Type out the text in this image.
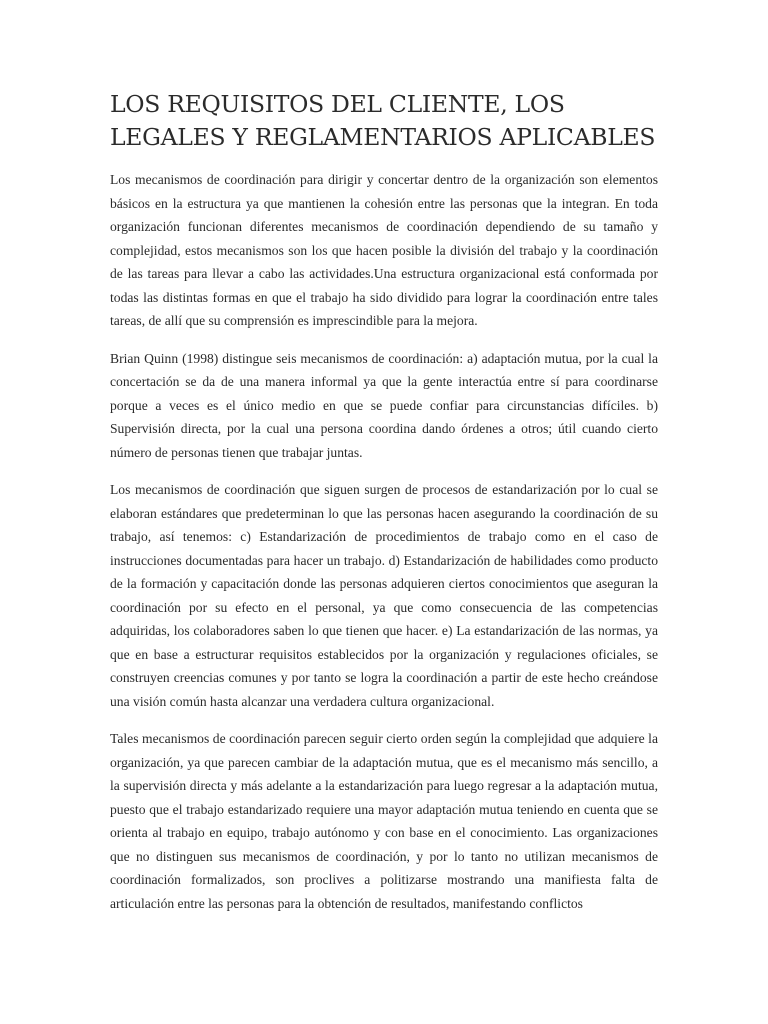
LOS REQUISITOS DEL CLIENTE, LOS LEGALES Y REGLAMENTARIOS APLICABLES

Los mecanismos de coordinación para dirigir y concertar dentro de la organización son elementos básicos en la estructura ya que mantienen la cohesión entre las personas que la integran. En toda organización funcionan diferentes mecanismos de coordinación dependiendo de su tamaño y complejidad, estos mecanismos son los que hacen posible la división del trabajo y la coordinación de las tareas para llevar a cabo las actividades.Una estructura organizacional está conformada por todas las distintas formas en que el trabajo ha sido dividido para lograr la coordinación entre tales tareas, de allí que su comprensión es imprescindible para la mejora.

Brian Quinn (1998) distingue seis mecanismos de coordinación: a) adaptación mutua, por la cual la concertación se da de una manera informal ya que la gente interactúa entre sí para coordinarse porque a veces es el único medio en que se puede confiar para circunstancias difíciles. b) Supervisión directa, por la cual una persona coordina dando órdenes a otros; útil cuando cierto número de personas tienen que trabajar juntas.

Los mecanismos de coordinación que siguen surgen de procesos de estandarización por lo cual se elaboran estándares que predeterminan lo que las personas hacen asegurando la coordinación de su trabajo, así tenemos: c) Estandarización de procedimientos de trabajo como en el caso de instrucciones documentadas para hacer un trabajo. d) Estandarización de habilidades como producto de la formación y capacitación donde las personas adquieren ciertos conocimientos que aseguran la coordinación por su efecto en el personal, ya que como consecuencia de las competencias adquiridas, los colaboradores saben lo que tienen que hacer. e) La estandarización de las normas, ya que en base a estructurar requisitos establecidos por la organización y regulaciones oficiales, se construyen creencias comunes y por tanto se logra la coordinación a partir de este hecho creándose una visión común hasta alcanzar una verdadera cultura organizacional.

Tales mecanismos de coordinación parecen seguir cierto orden según la complejidad que adquiere la organización, ya que parecen cambiar de la adaptación mutua, que es el mecanismo más sencillo, a la supervisión directa y más adelante a la estandarización para luego regresar a la adaptación mutua, puesto que el trabajo estandarizado requiere una mayor adaptación mutua teniendo en cuenta que se orienta al trabajo en equipo, trabajo autónomo y con base en el conocimiento. Las organizaciones que no distinguen sus mecanismos de coordinación, y por lo tanto no utilizan mecanismos de coordinación formalizados, son proclives a politizarse mostrando una manifiesta falta de articulación entre las personas para la obtención de resultados, manifestando conflictos
